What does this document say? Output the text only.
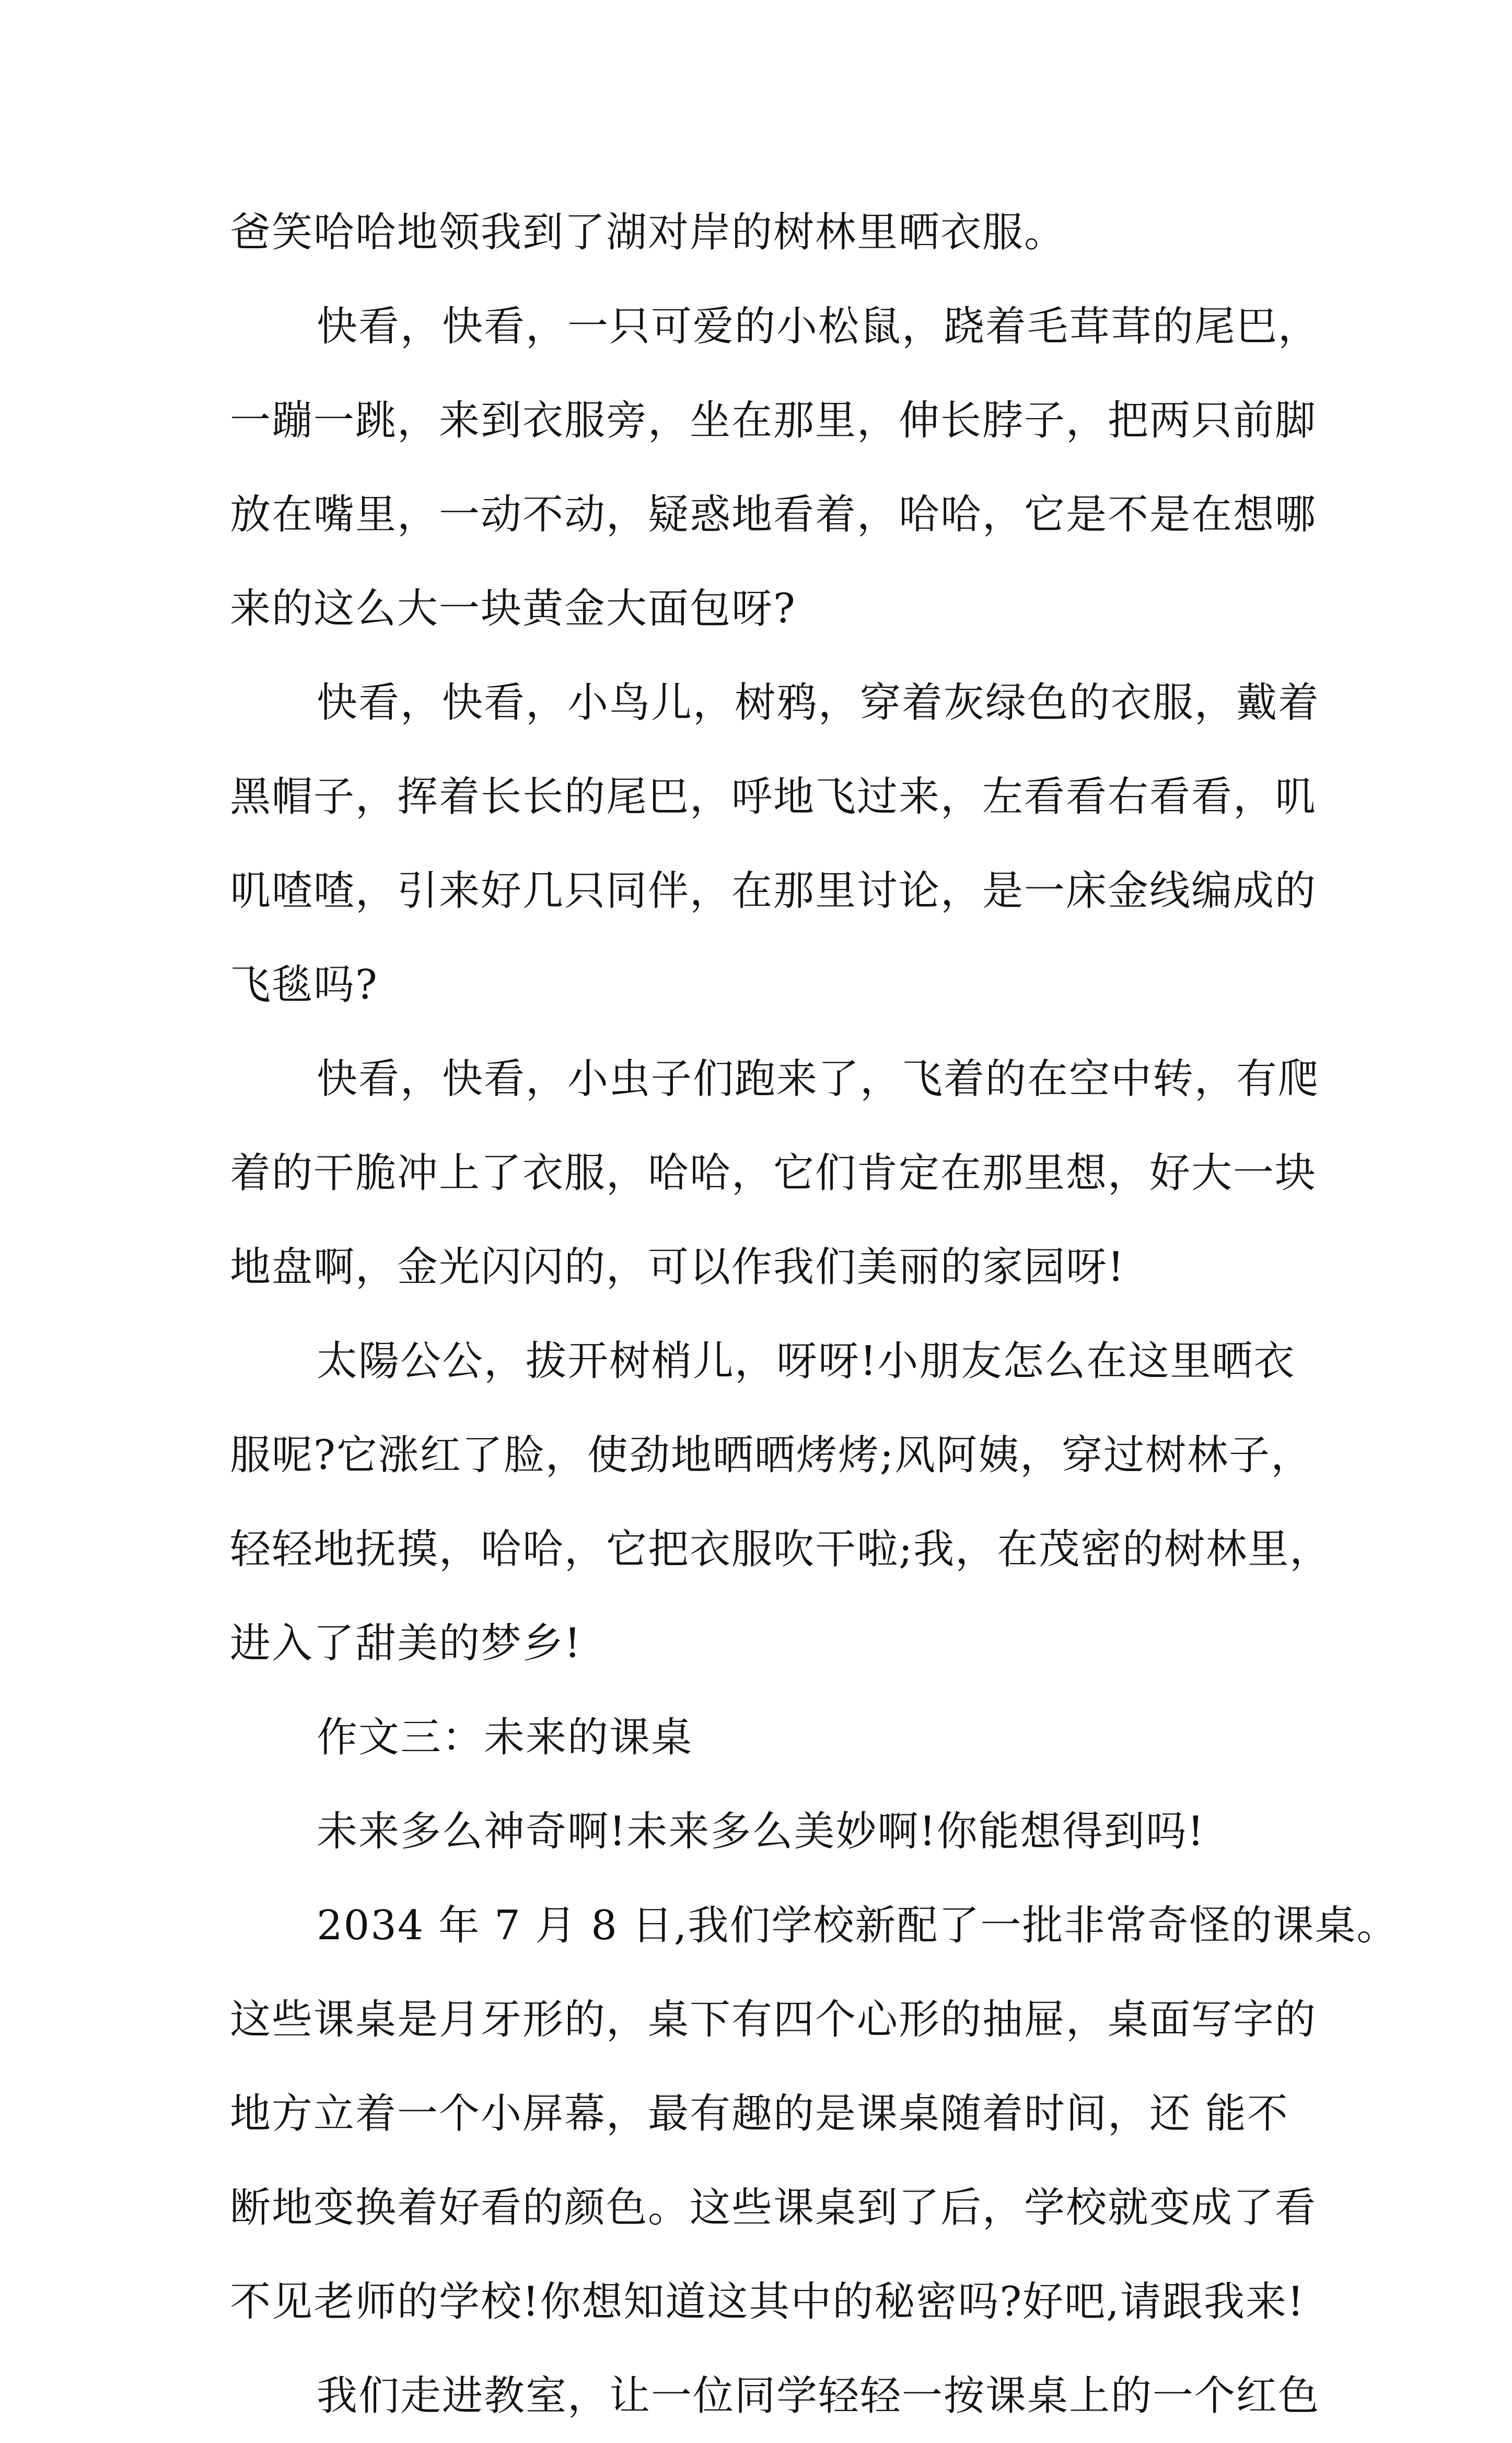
爸笑哈哈地领我到了湖对岸的树林里晒衣服。
快看，快看，一只可爱的小松鼠，跷着毛茸茸的尾巴，
一蹦一跳，来到衣服旁，坐在那里，伸长脖子，把两只前脚
放在嘴里，一动不动，疑惑地看着，哈哈，它是不是在想哪
来的这么大一块黄金大面包呀?
快看，快看，小鸟儿，树鸦，穿着灰绿色的衣服，戴着
黑帽子，挥着长长的尾巴，呼地飞过来，左看看右看看，叽
叽喳喳，引来好几只同伴，在那里讨论，是一床金线编成的
飞毯吗?
快看，快看，小虫子们跑来了，飞着的在空中转，有爬
着的干脆冲上了衣服，哈哈，它们肯定在那里想，好大一块
地盘啊，金光闪闪的，可以作我们美丽的家园呀!
太陽公公，拔开树梢儿，呀呀!小朋友怎么在这里晒衣
服呢?它涨红了脸，使劲地晒晒烤烤;风阿姨，穿过树林子，
轻轻地抚摸，哈哈，它把衣服吹干啦;我，在茂密的树林里，
进入了甜美的梦乡!
作文三：未来的课桌
未来多么神奇啊!未来多么美妙啊!你能想得到吗!
2034 年 7 月 8 日,我们学校新配了一批非常奇怪的课桌。
这些课桌是月牙形的，桌下有四个心形的抽屉，桌面写字的
地方立着一个小屏幕，最有趣的是课桌随着时间，还 能不
断地变换着好看的颜色。这些课桌到了后，学校就变成了看
不见老师的学校!你想知道这其中的秘密吗?好吧,请跟我来!
我们走进教室，让一位同学轻轻一按课桌上的一个红色
